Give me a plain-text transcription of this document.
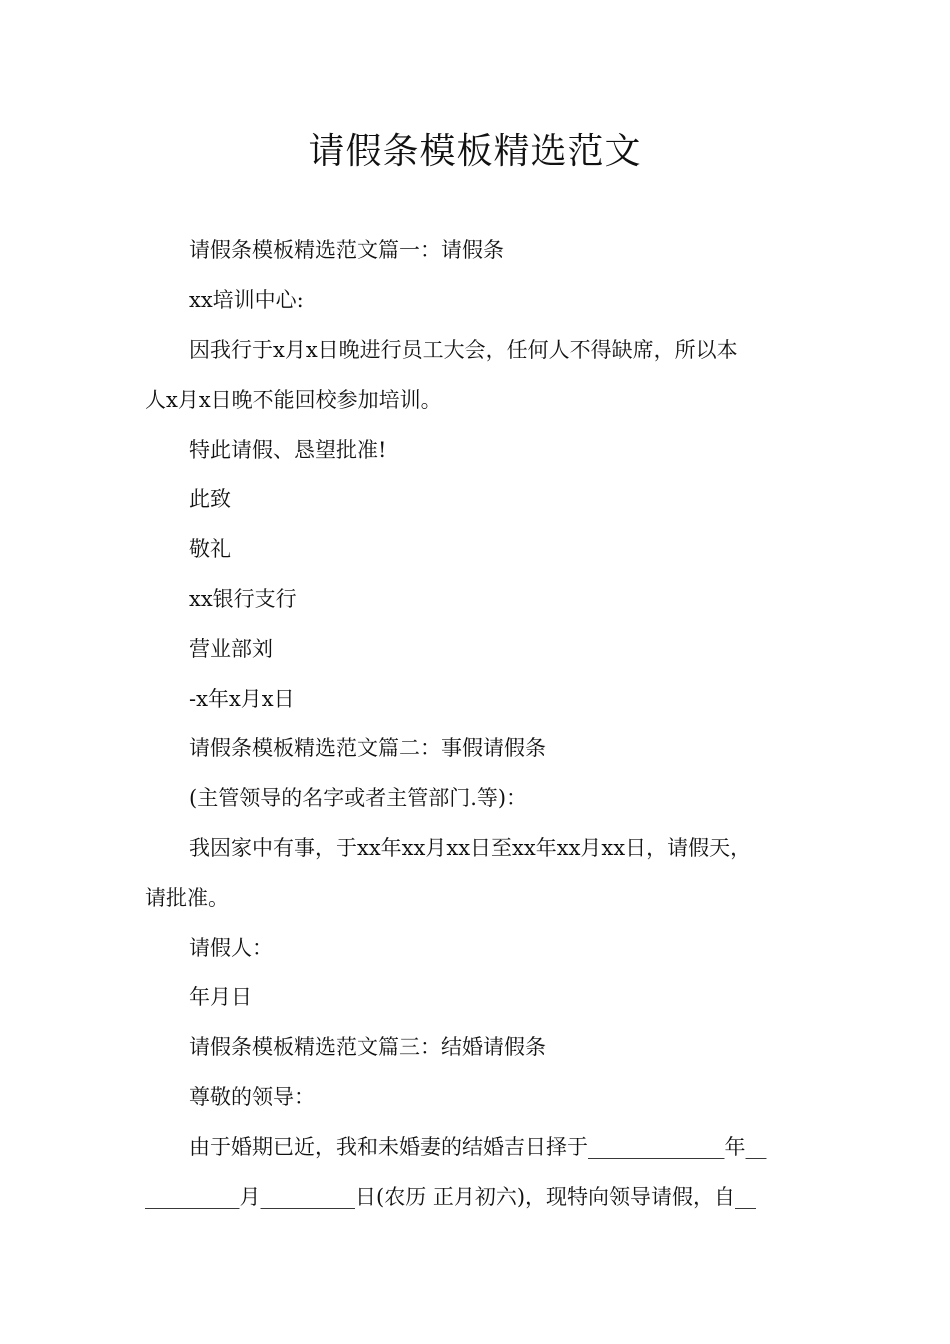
请假条模板精选范文
请假条模板精选范文篇一：请假条
xx培训中心:
因我行于x月x日晚进行员工大会，任何人不得缺席，所以本
人x月x日晚不能回校参加培训。
特此请假、恳望批准!
此致
敬礼
xx银行支行
营业部刘
-x年x月x日
请假条模板精选范文篇二：事假请假条
(主管领导的名字或者主管部门.等)：
我因家中有事，于xx年xx月xx日至xx年xx月xx日，请假天，
请批准。
请假人：
年月日
请假条模板精选范文篇三：结婚请假条
尊敬的领导：
由于婚期已近，我和未婚妻的结婚吉日择于_____________年__
_________月_________日(农历 正月初六)，现特向领导请假，自__
